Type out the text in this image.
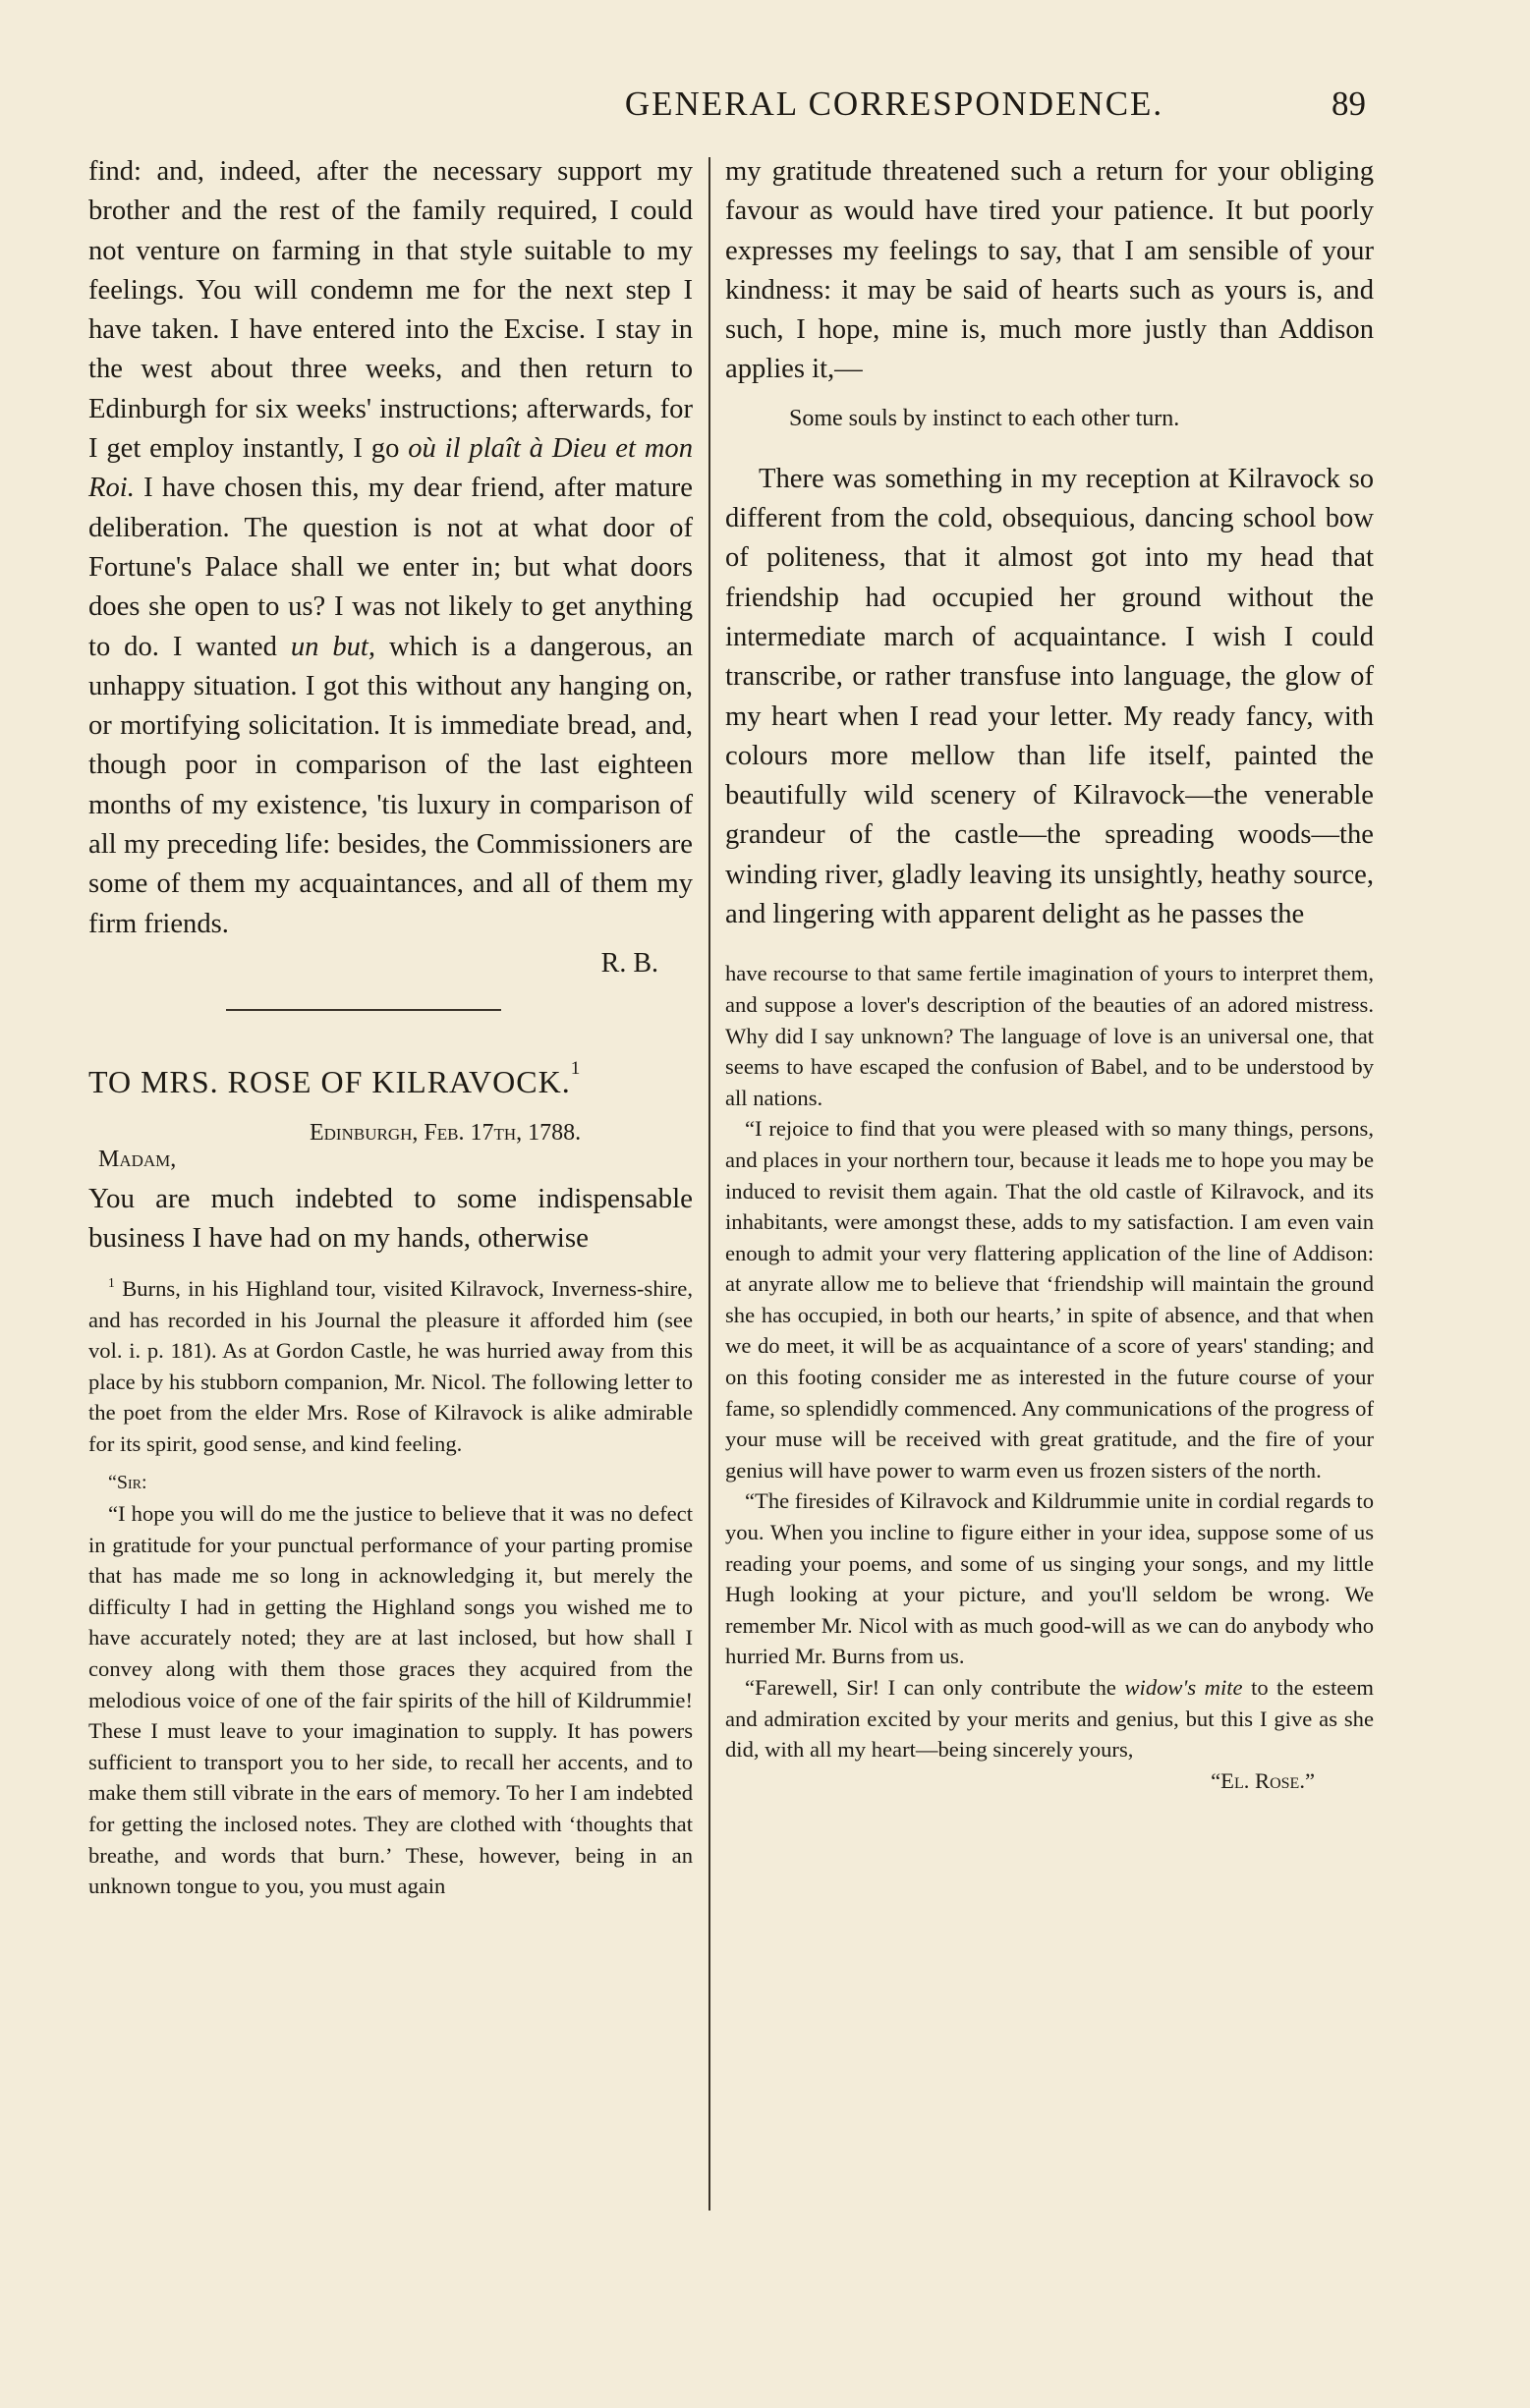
GENERAL CORRESPONDENCE.	89

find: and, indeed, after the necessary support my brother and the rest of the family required, I could not venture on farming in that style suitable to my feelings. You will condemn me for the next step I have taken. I have entered into the Excise. I stay in the west about three weeks, and then return to Edinburgh for six weeks' instructions; afterwards, for I get employ instantly, I go où il plaît à Dieu et mon Roi. I have chosen this, my dear friend, after mature deliberation. The question is not at what door of Fortune's Palace shall we enter in; but what doors does she open to us? I was not likely to get anything to do. I wanted un but, which is a dangerous, an unhappy situation. I got this without any hanging on, or mortifying solicitation. It is immediate bread, and, though poor in comparison of the last eighteen months of my existence, 'tis luxury in comparison of all my preceding life: besides, the Commissioners are some of them my acquaintances, and all of them my firm friends.

R. B.
TO MRS. ROSE OF KILRAVOCK.$^1$
Edinburgh, Feb. 17th, 1788.
Madam,

You are much indebted to some indispensable business I have had on my hands, otherwise

$^1$ Burns, in his Highland tour, visited Kilravock, Inverness-shire, and has recorded in his Journal the pleasure it afforded him (see vol. i. p. 181). As at Gordon Castle, he was hurried away from this place by his stubborn companion, Mr. Nicol. The following letter to the poet from the elder Mrs. Rose of Kilravock is alike admirable for its spirit, good sense, and kind feeling.

“Sir:

“I hope you will do me the justice to believe that it was no defect in gratitude for your punctual performance of your parting promise that has made me so long in acknowledging it, but merely the difficulty I had in getting the Highland songs you wished me to have accurately noted; they are at last inclosed, but how shall I convey along with them those graces they acquired from the melodious voice of one of the fair spirits of the hill of Kildrummie! These I must leave to your imagination to supply. It has powers sufficient to transport you to her side, to recall her accents, and to make them still vibrate in the ears of memory. To her I am indebted for getting the inclosed notes. They are clothed with ‘thoughts that breathe, and words that burn.’ These, however, being in an unknown tongue to you, you must again

my gratitude threatened such a return for your obliging favour as would have tired your patience. It but poorly expresses my feelings to say, that I am sensible of your kindness: it may be said of hearts such as yours is, and such, I hope, mine is, much more justly than Addison applies it,—

Some souls by instinct to each other turn.

There was something in my reception at Kilravock so different from the cold, obsequious, dancing school bow of politeness, that it almost got into my head that friendship had occupied her ground without the intermediate march of acquaintance. I wish I could transcribe, or rather transfuse into language, the glow of my heart when I read your letter. My ready fancy, with colours more mellow than life itself, painted the beautifully wild scenery of Kilravock—the venerable grandeur of the castle—the spreading woods—the winding river, gladly leaving its unsightly, heathy source, and lingering with apparent delight as he passes the

have recourse to that same fertile imagination of yours to interpret them, and suppose a lover's description of the beauties of an adored mistress. Why did I say unknown? The language of love is an universal one, that seems to have escaped the confusion of Babel, and to be understood by all nations.

“I rejoice to find that you were pleased with so many things, persons, and places in your northern tour, because it leads me to hope you may be induced to revisit them again. That the old castle of Kilravock, and its inhabitants, were amongst these, adds to my satisfaction. I am even vain enough to admit your very flattering application of the line of Addison: at anyrate allow me to believe that ‘friendship will maintain the ground she has occupied, in both our hearts,’ in spite of absence, and that when we do meet, it will be as acquaintance of a score of years' standing; and on this footing consider me as interested in the future course of your fame, so splendidly commenced. Any communications of the progress of your muse will be received with great gratitude, and the fire of your genius will have power to warm even us frozen sisters of the north.

“The firesides of Kilravock and Kildrummie unite in cordial regards to you. When you incline to figure either in your idea, suppose some of us reading your poems, and some of us singing your songs, and my little Hugh looking at your picture, and you'll seldom be wrong. We remember Mr. Nicol with as much good-will as we can do anybody who hurried Mr. Burns from us.

“Farewell, Sir! I can only contribute the widow's mite to the esteem and admiration excited by your merits and genius, but this I give as she did, with all my heart—being sincerely yours,

“El. Rose.”
